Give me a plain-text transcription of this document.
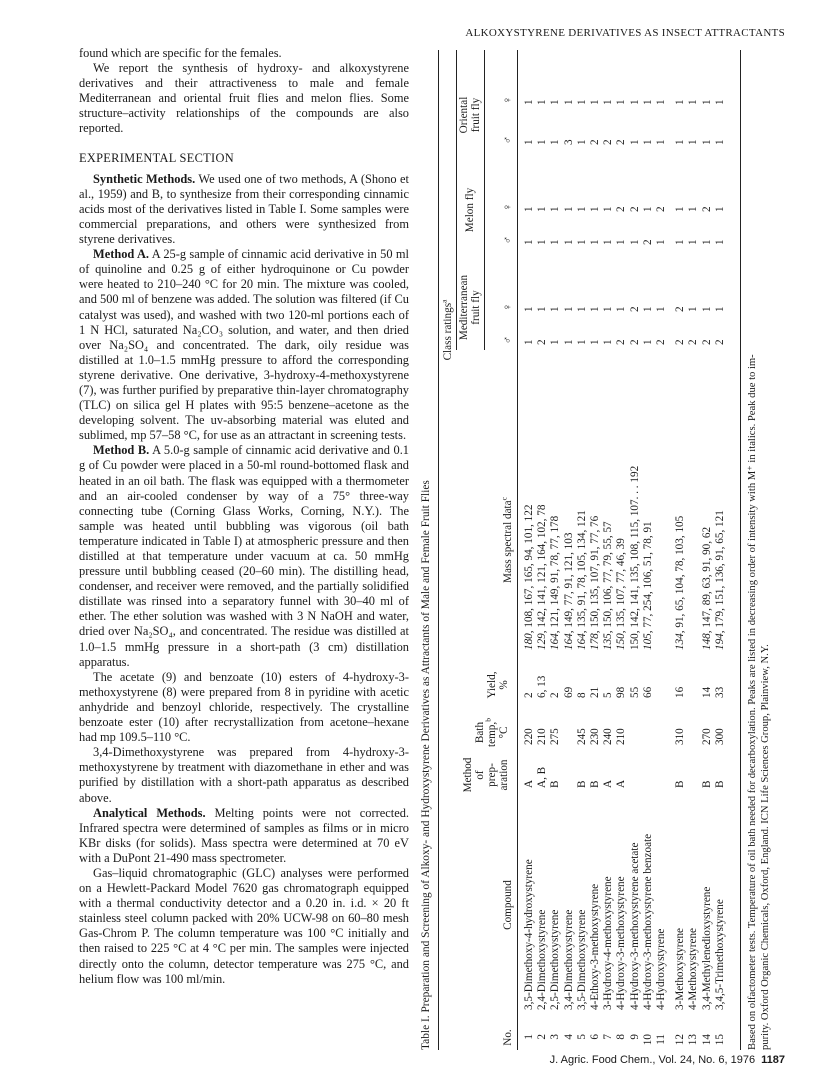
ALKOXYSTYRENE DERIVATIVES AS INSECT ATTRACTANTS

found which are specific for the females.

We report the synthesis of hydroxy- and alkoxystyrene derivatives and their attractiveness to male and female Mediterranean and oriental fruit flies and melon flies. Some structure–activity relationships of the compounds are also reported.

EXPERIMENTAL SECTION

Synthetic Methods. We used one of two methods, A (Shono et al., 1959) and B, to synthesize from their corresponding cinnamic acids most of the derivatives listed in Table I. Some samples were commercial preparations, and others were synthesized from styrene derivatives.

Method A. A 25-g sample of cinnamic acid derivative in 50 ml of quinoline and 0.25 g of either hydroquinone or Cu powder were heated to 210–240 °C for 20 min. The mixture was cooled, and 500 ml of benzene was added. The solution was filtered (if Cu catalyst was used), and washed with two 120-ml portions each of 1 N HCl, saturated Na₂CO₃ solution, and water, and then dried over Na₂SO₄ and concentrated. The dark, oily residue was distilled at 1.0–1.5 mmHg pressure to afford the corresponding styrene derivative. One derivative, 3-hydroxy-4-methoxystyrene (7), was further purified by preparative thin-layer chromatography (TLC) on silica gel H plates with 95:5 benzene–acetone as the developing solvent. The uv-absorbing material was eluted and sublimed, mp 57–58 °C, for use as an attractant in screening tests.

Method B. A 5.0-g sample of cinnamic acid derivative and 0.1 g of Cu powder were placed in a 50-ml round-bottomed flask and heated in an oil bath. The flask was equipped with a thermometer and an air-cooled condenser by way of a 75° three-way connecting tube (Corning Glass Works, Corning, N.Y.). The sample was heated until bubbling was vigorous (oil bath temperature indicated in Table I) at atmospheric pressure and then distilled at that temperature under vacuum at ca. 50 mmHg pressure until bubbling ceased (20–60 min). The distilling head, condenser, and receiver were removed, and the partially solidified distillate was rinsed into a separatory funnel with 30–40 ml of ether. The ether solution was washed with 3 N NaOH and water, dried over Na₂SO₄, and concentrated. The residue was distilled at 1.0–1.5 mmHg pressure in a short-path (3 cm) distillation apparatus.

The acetate (9) and benzoate (10) esters of 4-hydroxy-3-methoxystyrene (8) were prepared from 8 in pyridine with acetic anhydride and benzoyl chloride, respectively. The crystalline benzoate ester (10) after recrystallization from acetone–hexane had mp 109.5–110 °C.

3,4-Dimethoxystyrene was prepared from 4-hydroxy-3-methoxystyrene by treatment with diazomethane in ether and was purified by distillation with a short-path apparatus as described above.

Analytical Methods. Melting points were not corrected. Infrared spectra were determined of samples as films or in micro KBr disks (for solids). Mass spectra were determined at 70 eV with a DuPont 21-490 mass spectrometer.

Gas–liquid chromatographic (GLC) analyses were performed on a Hewlett-Packard Model 7620 gas chromatograph equipped with a thermal conductivity detector and a 0.20 in. i.d. × 20 ft stainless steel column packed with 20% UCW-98 on 60–80 mesh Gas-Chrom P. The column temperature was 100 °C initially and then raised to 225 °C at 4 °C per min. The samples were injected directly onto the column, detector temperature was 275 °C, and helium flow was 100 ml/min.	Table I. Preparation and Screening of Alkoxy- and Hydroxystyrene Derivatives as Attractants of Male and Female Fruit Flies
Class ratings$^a$ Mediterranean fruit fly
Melon fly
Oriental fruit fly
No.
Compound
Method of prep- aration
Bath temp,$^b$
°C
Yield, %
Mass spectral data$^c$
♂
♀
♂
♀
♂
♀
1
3,5-Dimethoxy-4-hydroxystyrene
A
220
2
180, 108, 167, 165, 94, 101, 122
1
1
1
1
1
1
2
2,4-Dimethoxystyrene
A, B
210
6, 13
129, 142, 141, 121, 164, 102, 78
2
1
1
1
1
1
3
2,5-Dimethoxystyrene
B
275
2
164, 121, 149, 91, 78, 77, 178
1
1
1
1
1
1
4
3,4-Dimethoxystyrene
69
164, 149, 77, 91, 121, 103
1
1
1
1
3
1
5
3,5-Dimethoxystyrene
B
245
8
164, 135, 91, 78, 105, 134, 121
1
1
1
1
1
1
6
4-Ethoxy-3-methoxystyrene
B
230
21
178, 150, 135, 107, 91, 77, 76
1
1
1
1
2
1
7
3-Hydroxy-4-methoxystyrene
A
240
5
135, 150, 106, 77, 79, 55, 57
1
1
1
1
2
1
8
4-Hydroxy-3-methoxystyrene
A
210
98
150, 135, 107, 77, 46, 39
2
1
1
2
2
1
9
4-Hydroxy-3-methoxystyrene acetate
55
150, 142, 141, 135, 108, 115, 107. . . 192
2
2
1
2
1
1
10
4-Hydroxy-3-methoxystyrene benzoate
66
105, 77, 254, 106, 51, 78, 91
1
1
2
1
1
1
11
4-Hydroxystyrene
2
1
1
2
1
1
12
3-Methoxystyrene
B
310
16
134, 91, 65, 104, 78, 103, 105
2
2
1
1
1
1
13
4-Methoxystyrene
2
1
1
1
1
1
14
3,4-Methylenedioxystyrene
B
270
14
148, 147, 89, 63, 91, 90, 62
2
1
1
2
1
1
15
3,4,5-Trimethoxystyrene
B
300
33
194, 179, 151, 136, 91, 65, 121
2
1
1
1
1
1
Based on olfactometer tests. Temperature of oil bath needed for decarboxylation. Peaks are listed in decreasing order of intensity with M⁺ in italics. Peak due to im- purity. Oxford Organic Chemicals, Oxford, England. ICN Life Sciences Group, Plainview, N.Y.
J. Agric. Food Chem., Vol. 24, No. 6, 1976 1187
